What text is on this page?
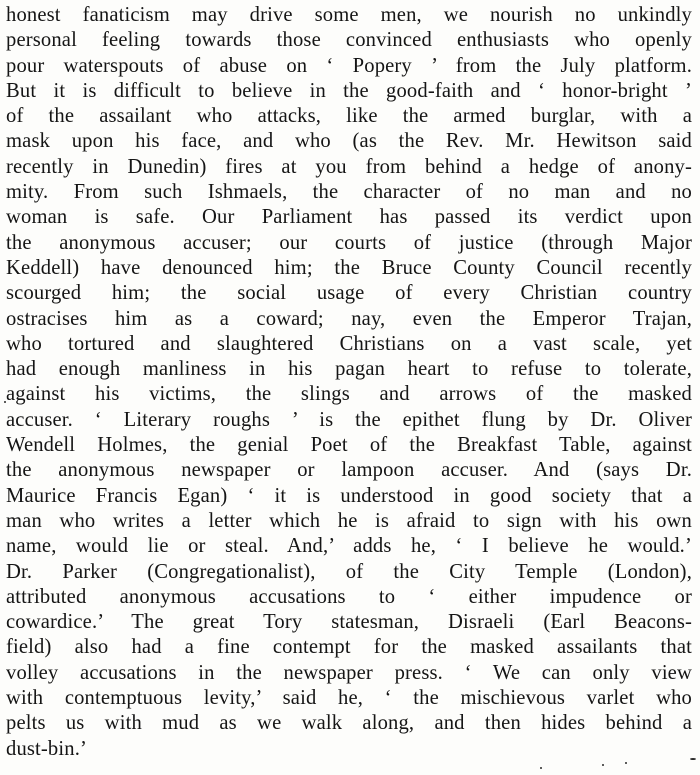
honest fanaticism may drive some men, we nourish no unkindly
personal feeling towards those convinced enthusiasts who openly
pour waterspouts of abuse on ‘ Popery ’ from the July platform.
But it is difficult to believe in the good-faith and ‘ honor-bright ’
of the assailant who attacks, like the armed burglar, with a
mask upon his face, and who (as the Rev. Mr. Hewitson said
recently in Dunedin) fires at you from behind a hedge of anony-
mity. From such Ishmaels, the character of no man and no
woman is safe. Our Parliament has passed its verdict upon
the anonymous accuser; our courts of justice (through Major
Keddell) have denounced him; the Bruce County Council recently
scourged him; the social usage of every Christian country
ostracises him as a coward; nay, even the Emperor Trajan,
who tortured and slaughtered Christians on a vast scale, yet
had enough manliness in his pagan heart to refuse to tolerate,
against his victims, the slings and arrows of the masked
accuser. ‘ Literary roughs ’ is the epithet flung by Dr. Oliver
Wendell Holmes, the genial Poet of the Breakfast Table, against
the anonymous newspaper or lampoon accuser. And (says Dr.
Maurice Francis Egan) ‘ it is understood in good society that a
man who writes a letter which he is afraid to sign with his own
name, would lie or steal. And,’ adds he, ‘ I believe he would.’
Dr. Parker (Congregationalist), of the City Temple (London),
attributed anonymous accusations to ‘ either impudence or
cowardice.’ The great Tory statesman, Disraeli (Earl Beacons-
field) also had a fine contempt for the masked assailants that
volley accusations in the newspaper press. ‘ We can only view
with contemptuous levity,’ said he, ‘ the mischievous varlet who
pelts us with mud as we walk along, and then hides behind a
dust-bin.’
